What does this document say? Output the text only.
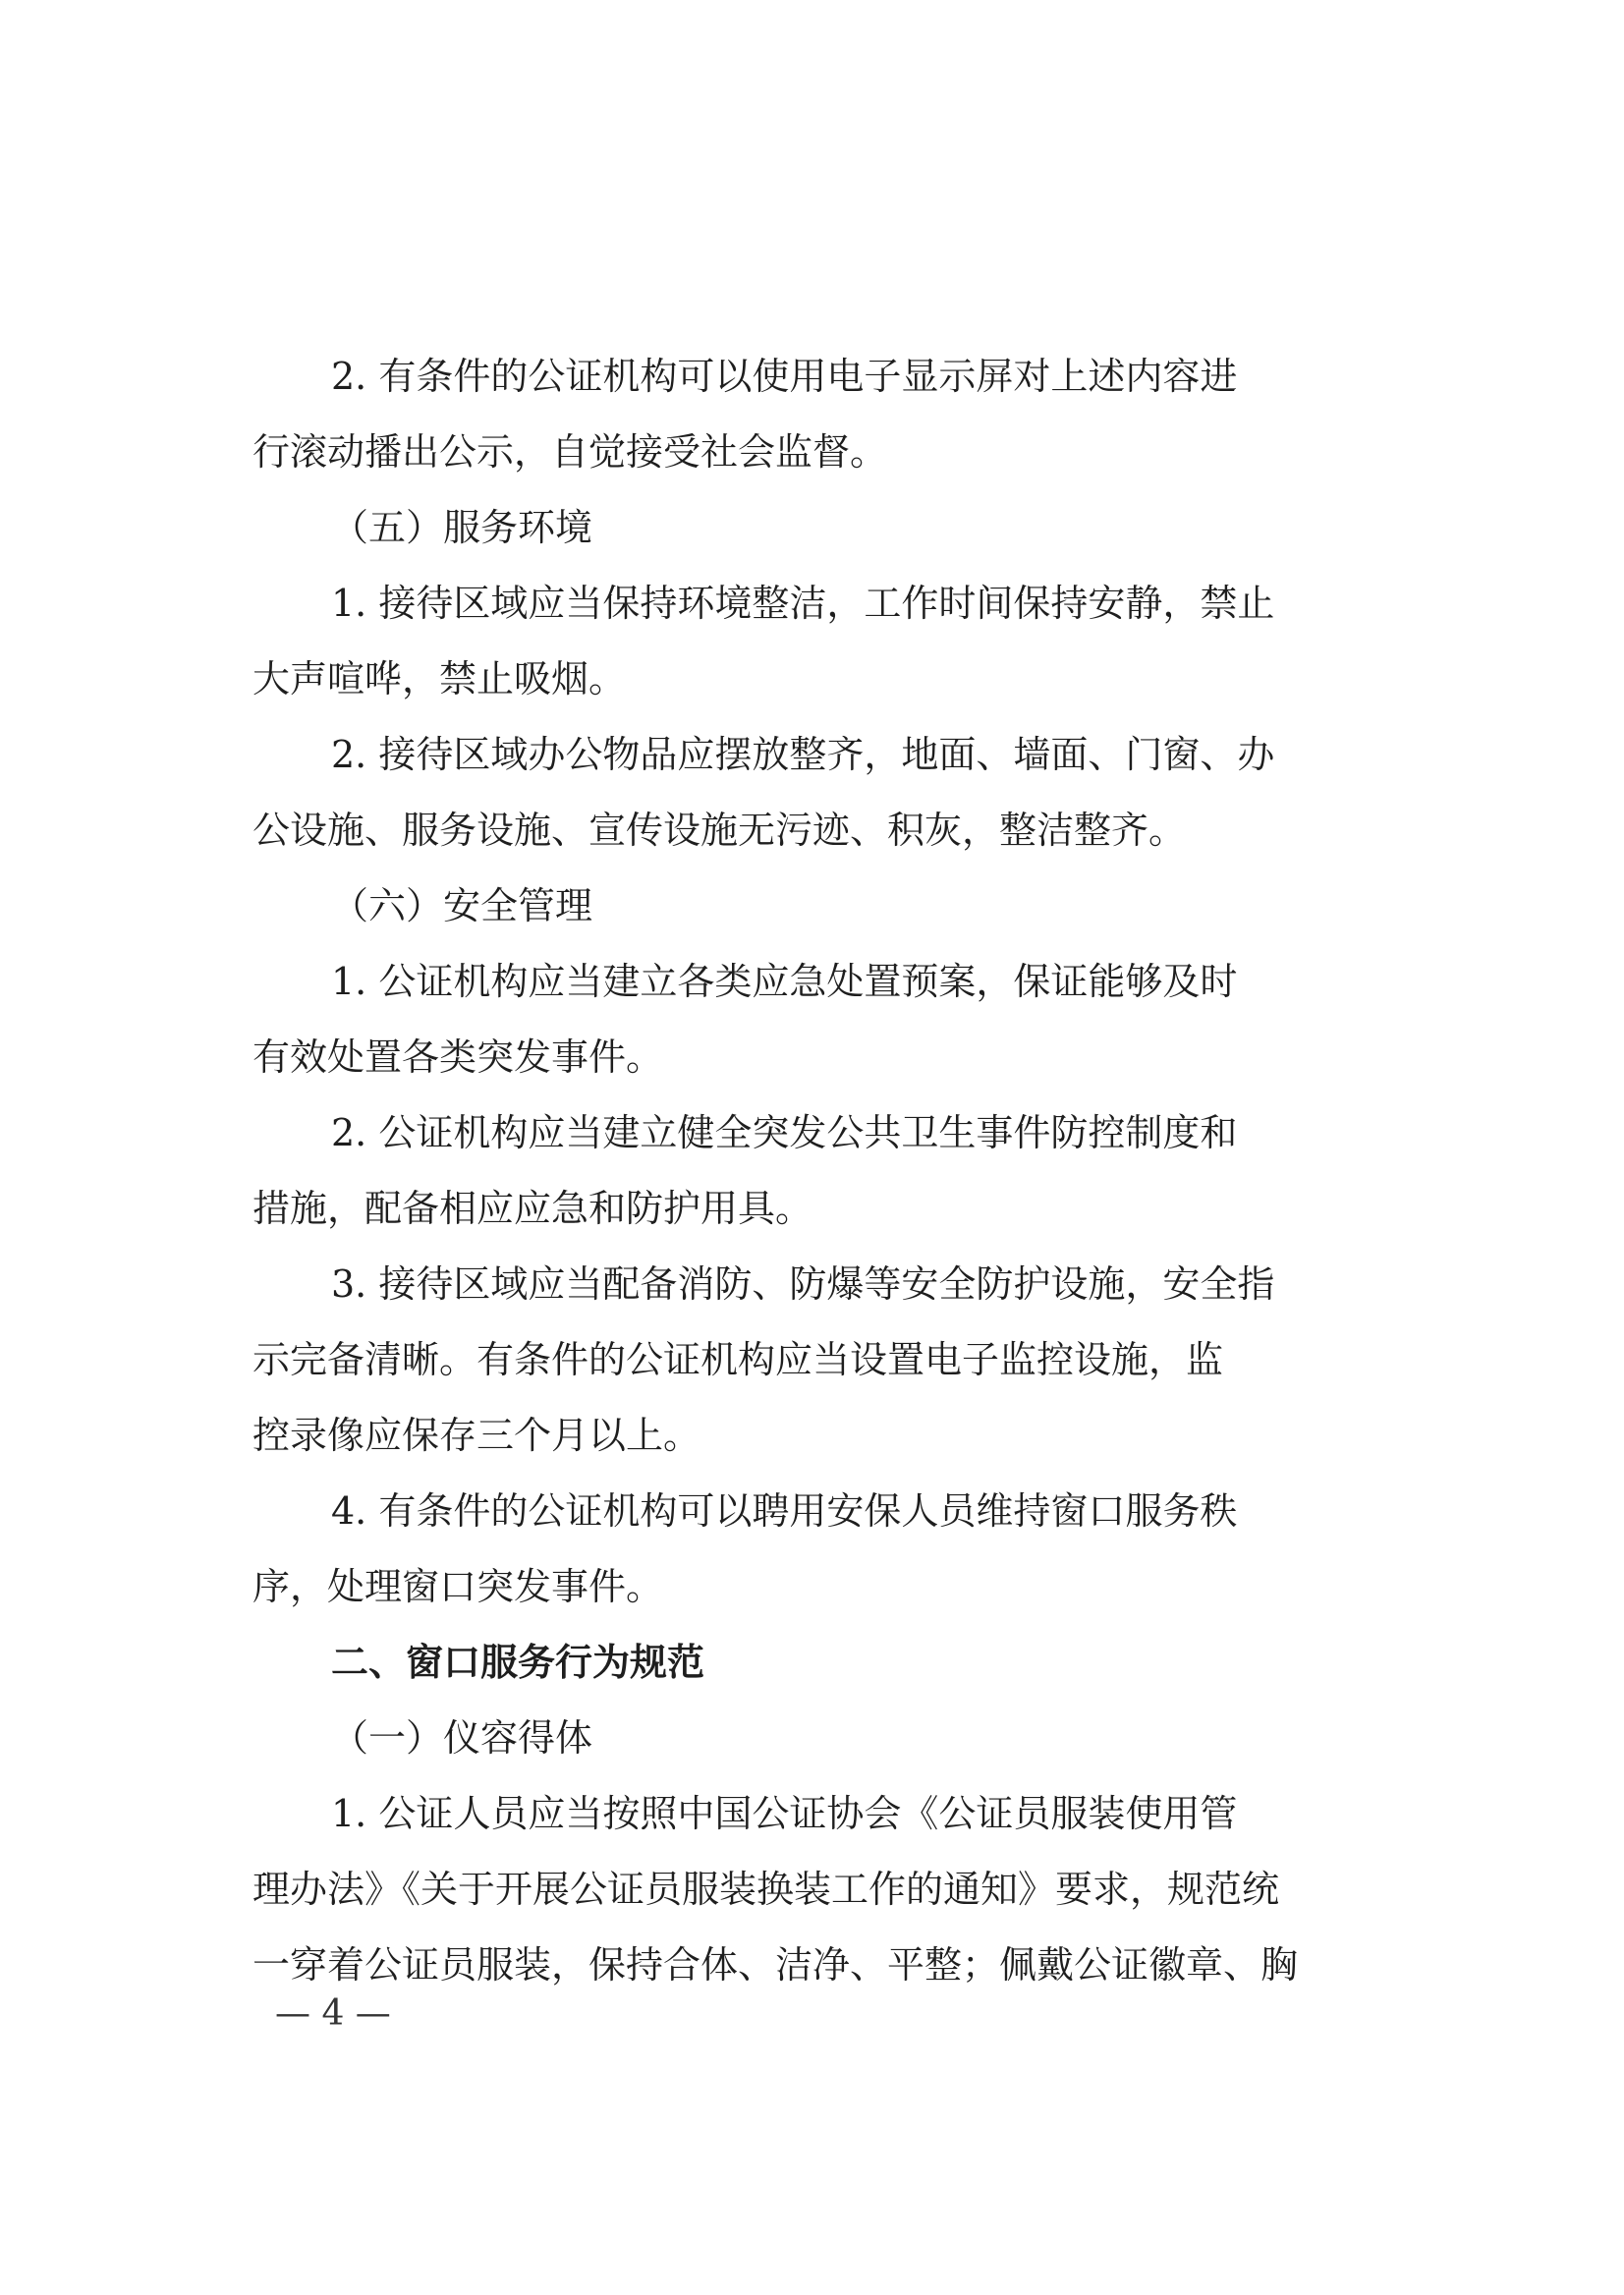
2. 有条件的公证机构可以使用电子显示屏对上述内容进
行滚动播出公示，自觉接受社会监督。
（五）服务环境
1. 接待区域应当保持环境整洁，工作时间保持安静，禁止
大声喧哗，禁止吸烟。
2. 接待区域办公物品应摆放整齐，地面、墙面、门窗、办
公设施、服务设施、宣传设施无污迹、积灰，整洁整齐。
（六）安全管理
1. 公证机构应当建立各类应急处置预案，保证能够及时
有效处置各类突发事件。
2. 公证机构应当建立健全突发公共卫生事件防控制度和
措施，配备相应应急和防护用具。
3. 接待区域应当配备消防、防爆等安全防护设施，安全指
示完备清晰。有条件的公证机构应当设置电子监控设施，监
控录像应保存三个月以上。
4. 有条件的公证机构可以聘用安保人员维持窗口服务秩
序，处理窗口突发事件。
二、窗口服务行为规范
（一）仪容得体
1. 公证人员应当按照中国公证协会《公证员服装使用管
理办法》《关于开展公证员服装换装工作的通知》要求，规范统
一穿着公证员服装，保持合体、洁净、平整；佩戴公证徽章、胸
— 4 —
